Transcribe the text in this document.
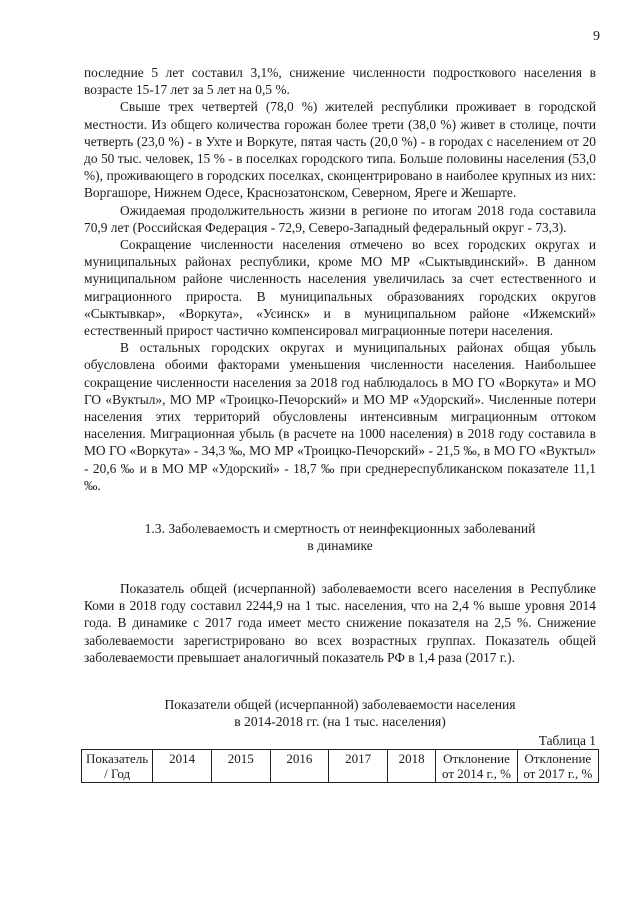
9

последние 5 лет составил 3,1%, снижение численности подросткового населения в возрасте 15-17 лет за 5 лет на 0,5 %.

Свыше трех четвертей (78,0 %) жителей республики проживает в городской местности. Из общего количества горожан более трети (38,0 %) живет в столице, почти четверть (23,0 %) - в Ухте и Воркуте, пятая часть (20,0 %) - в городах с населением от 20 до 50 тыс. человек, 15 % - в поселках городского типа. Больше половины населения (53,0 %), проживающего в городских поселках, сконцентрировано в наиболее крупных из них: Воргашоре, Нижнем Одесе, Краснозатонском, Северном, Яреге и Жешарте.

Ожидаемая продолжительность жизни в регионе по итогам 2018 года составила 70,9 лет (Российская Федерация - 72,9, Северо-Западный федеральный округ - 73,3).

Сокращение численности населения отмечено во всех городских округах и муниципальных районах республики, кроме МО МР «Сыктывдинский». В данном муниципальном районе численность населения увеличилась за счет естественного и миграционного прироста. В муниципальных образованиях городских округов «Сыктывкар», «Воркута», «Усинск» и в муниципальном районе «Ижемский» естественный прирост частично компенсировал миграционные потери населения.

В остальных городских округах и муниципальных районах общая убыль обусловлена обоими факторами уменьшения численности населения. Наибольшее сокращение численности населения за 2018 год наблюдалось в МО ГО «Воркута» и МО ГО «Вуктыл», МО МР «Троицко-Печорский» и МО МР «Удорский». Численные потери населения этих территорий обусловлены интенсивным миграционным оттоком населения. Миграционная убыль (в расчете на 1000 населения) в 2018 году составила в МО ГО «Воркута» - 34,3 ‰, МО МР «Троицко-Печорский» - 21,5 ‰, в МО ГО «Вуктыл» - 20,6 ‰ и в МО МР «Удорский» - 18,7 ‰ при среднереспубликанском показателе 11,1 ‰.

1.3. Заболеваемость и смертность от неинфекционных заболеваний
в динамике

Показатель общей (исчерпанной) заболеваемости всего населения в Республике Коми в 2018 году составил 2244,9 на 1 тыс. населения, что на 2,4 % выше уровня 2014 года. В динамике с 2017 года имеет место снижение показателя на 2,5 %. Снижение заболеваемости зарегистрировано во всех возрастных группах. Показатель общей заболеваемости превышает аналогичный показатель РФ в 1,4 раза (2017 г.).

Показатели общей (исчерпанной) заболеваемости населения
в 2014-2018 гг. (на 1 тыс. населения)
Таблица 1
Показатель / Год	2014	2015	2016	2017	2018	Отклонение от 2014 г., %	Отклонение от 2017 г., %
